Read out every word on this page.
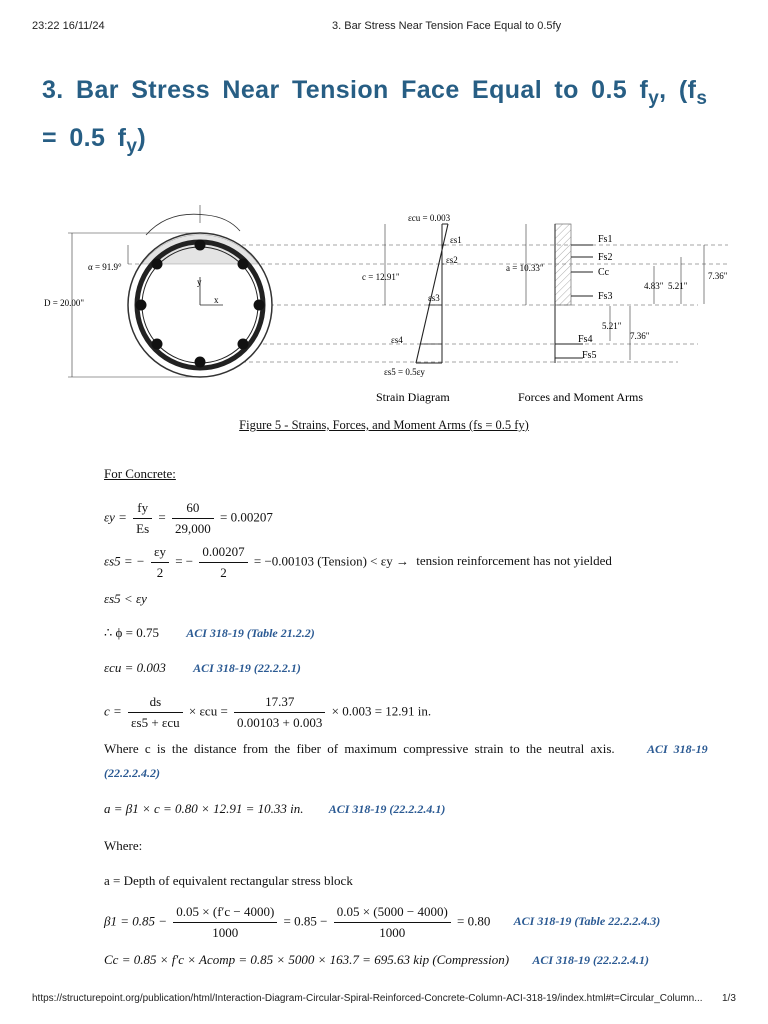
23:22 16/11/24	3. Bar Stress Near Tension Face Equal to 0.5fy
3. Bar Stress Near Tension Face Equal to 0.5 $f_y$, ($f_s$
= 0.5 $f_y$)
y
x
α = 91.9°
D = 20.00"
εcu = 0.003
εs1
εs2
εs3
εs4
εs5 = 0.5εy
c = 12.91"
Strain Diagram
Fs1
Fs2
Cc
Fs3
Fs4
Fs5
a = 10.33"
4.83" 5.21"
7.36"
5.21"
7.36"
Forces and Moment Arms
Figure 5 - Strains, Forces, and Moment Arms (fs = 0.5 fy)
For Concrete:
$\varepsilon y = \frac{fy}{Es} = \frac{60}{29,000} = 0.00207$
εs5 = − $\frac{\varepsilon y}{2}$ = − $\frac{0.00207}{2} = -0.00103$ (Tension) < εy → tension reinforcement has not yielded
εs5 < εy
∴ ϕ = 0.75 ACI 318-19 (Table 21.2.2)
εcu = 0.003 ACI 318-19 (22.2.2.1)
$c = \frac{ds}{\text{εs5 + εcu}} \times \varepsilon cu = \frac{17.37}{0.00103 + 0.003} \times 0.003 = 12.91$ in.
Where c is the distance from the fiber of maximum compressive strain to the neutral axis.	ACI 318-19
(22.2.2.4.2)
a = β1 × c = 0.80 × 12.91 = 10.33 in. ACI 318-19 (22.2.2.4.1)
Where:
a = Depth of equivalent rectangular stress block
$\beta 1 = 0.85 - \frac{0.05 \times (f'c - 4000)}{1000} = 0.85 - \frac{0.05 \times (5000 - 4000)}{1000} = 0.80$ ACI 318-19 (Table 22.2.2.4.3)
Cc = 0.85 × f′c × Acomp = 0.85 × 5000 × 163.7 = 695.63 kip (Compression) ACI 318-19 (22.2.2.4.1)
https://structurepoint.org/publication/html/Interaction-Diagram-Circular-Spiral-Reinforced-Concrete-Column-ACI-318-19/index.html#t=Circular_Column... 1/3
